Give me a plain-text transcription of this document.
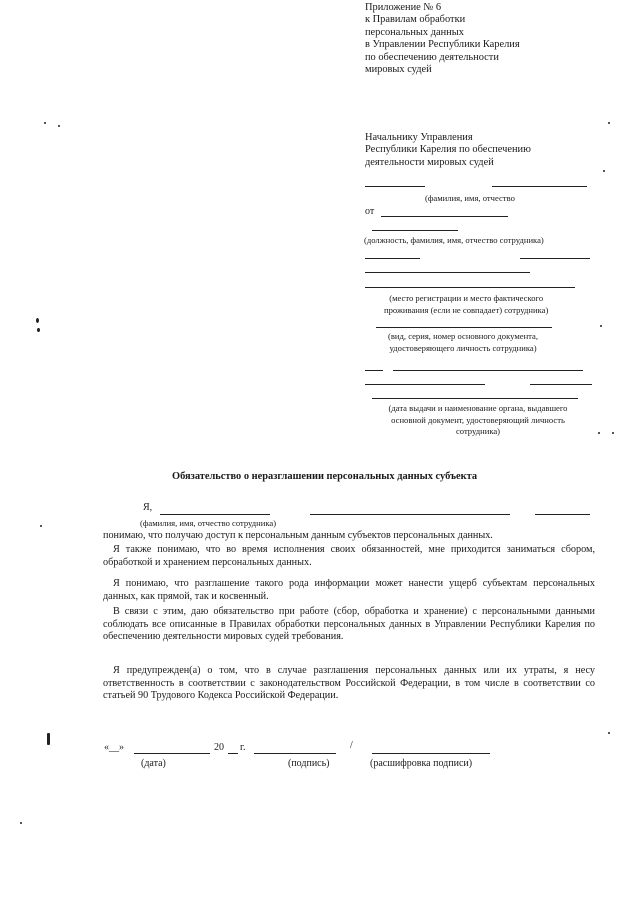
Приложение № 6
к Правилам обработки
персональных данных
в Управлении Республики Карелия
по обеспечению деятельности
мировых судей
Начальнику Управления
Республики Карелия по обеспечению
деятельности мировых судей
(фамилия, имя, отчество
от
(должность, фамилия, имя, отчество сотрудника)
(место регистрации и место фактического
проживания (если не совпадает) сотрудника)
(вид, серия, номер основного документа,
удостоверяющего личность сотрудника)
(дата выдачи и наименование органа, выдавшего
основной документ, удостоверяющий личность
сотрудника)
Обязательство о неразглашении персональных данных субъекта
Я,
(фамилия, имя, отчество сотрудника)
понимаю, что получаю доступ к персональным данным субъектов персональных данных.
Я также понимаю, что во время исполнения своих обязанностей, мне приходится заниматься сбором, обработкой и хранением персональных данных.
Я понимаю, что разглашение такого рода информации может нанести ущерб субъектам персональных данных, как прямой, так и косвенный.
В связи с этим, даю обязательство при работе (сбор, обработка и хранение) с персональными данными соблюдать все описанные в Правилах обработки персональных данных в Управлении Республики Карелия по обеспечению деятельности мировых судей требования.
Я предупрежден(а) о том, что в случае разглашения персональных данных или их утраты, я несу ответственность в соответствии с законодательством Российской Федерации, в том числе в соответствии со статьей 90 Трудового Кодекса Российской Федерации.
«__»	20 г.	/
(дата)	(подпись)	(расшифровка подписи)
